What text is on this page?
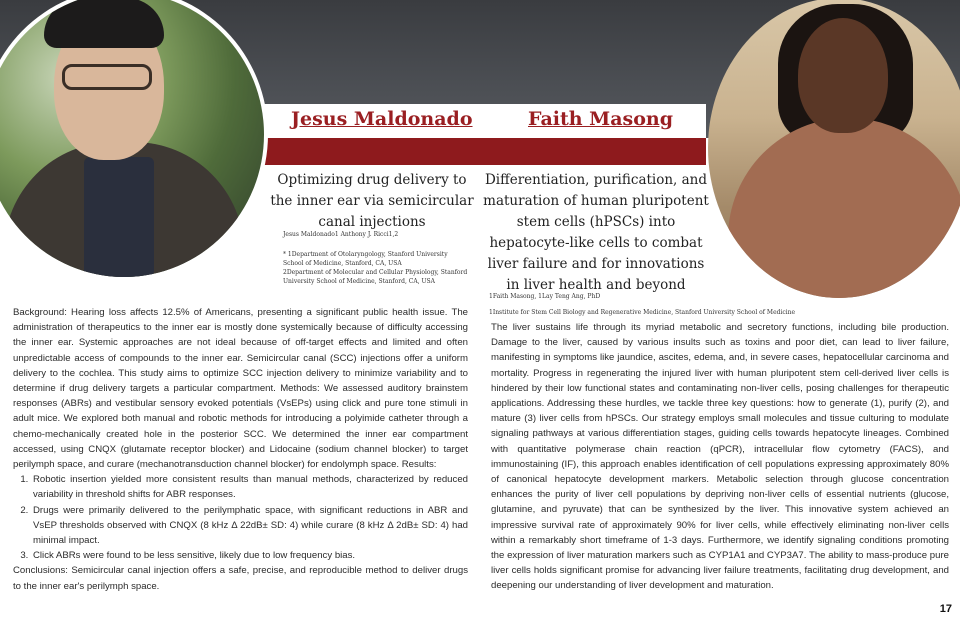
Jesus Maldonado	Faith Masong
Optimizing drug delivery to the inner ear via semicircular canal injections
Jesus Maldonado1 Anthony J. Ricci1,2
* 1Department of Otolaryngology, Stanford University School of Medicine, Stanford, CA, USA
2Department of Molecular and Cellular Physiology, Stanford University School of Medicine, Stanford, CA, USA
Differentiation, purification, and maturation of human pluripotent stem cells (hPSCs) into hepatocyte-like cells to combat liver failure and for innovations in liver health and beyond
1Faith Masong, 1Lay Teng Ang, PhD
1Institute for Stem Cell Biology and Regenerative Medicine, Stanford University School of Medicine

Background: Hearing loss affects 12.5% of Americans, presenting a significant public health issue. The administration of therapeutics to the inner ear is mostly done systemically because of difficulty accessing the inner ear. Systemic approaches are not ideal because of off-target effects and limited and often unpredictable access of compounds to the inner ear. Semicircular canal (SCC) injections offer a uniform delivery to the cochlea. This study aims to optimize SCC injection delivery to minimize variability and to determine if drug delivery targets a particular compartment. Methods: We assessed auditory brainstem responses (ABRs) and vestibular sensory evoked potentials (VsEPs) using click and pure tone stimuli in adult mice. We explored both manual and robotic methods for introducing a polyimide catheter through a chemo-mechanically created hole in the posterior SCC. We determined the inner ear compartment accessed, using CNQX (glutamate receptor blocker) and Lidocaine (sodium channel blocker) to target perilymph space, and curare (mechanotransduction channel blocker) for endolymph space. Results:

1. Robotic insertion yielded more consistent results than manual methods, characterized by reduced variability in threshold shifts for ABR responses.
2. Drugs were primarily delivered to the perilymphatic space, with significant reductions in ABR and VsEP thresholds observed with CNQX (8 kHz Δ 22dB± SD: 4) while curare (8 kHz Δ 2dB± SD: 4) had minimal impact.
3. Click ABRs were found to be less sensitive, likely due to low frequency bias.

Conclusions: Semicircular canal injection offers a safe, precise, and reproducible method to deliver drugs to the inner ear's perilymph space.

The liver sustains life through its myriad metabolic and secretory functions, including bile production. Damage to the liver, caused by various insults such as toxins and poor diet, can lead to liver failure, manifesting in symptoms like jaundice, ascites, edema, and, in severe cases, hepatocellular carcinoma and mortality. Progress in regenerating the injured liver with human pluripotent stem cell-derived liver cells is hindered by their low functional states and contaminating non-liver cells, posing challenges for therapeutic applications. Addressing these hurdles, we tackle three key questions: how to generate (1), purify (2), and mature (3) liver cells from hPSCs. Our strategy employs small molecules and tissue culturing to modulate signaling pathways at various differentiation stages, guiding cells towards hepatocyte lineages. Combined with quantitative polymerase chain reaction (qPCR), intracellular flow cytometry (FACS), and immunostaining (IF), this approach enables identification of cell populations expressing approximately 80% of canonical hepatocyte development markers. Metabolic selection through glucose concentration enhances the purity of liver cell populations by depriving non-liver cells of essential nutrients (glucose, glutamine, and pyruvate) that can be synthesized by the liver. This innovative system achieved an impressive survival rate of approximately 90% for liver cells, while effectively eliminating non-liver cells within a remarkably short timeframe of 1-3 days. Furthermore, we identify signaling conditions promoting the expression of liver maturation markers such as CYP1A1 and CYP3A7. The ability to mass-produce pure liver cells holds significant promise for advancing liver failure treatments, facilitating drug development, and deepening our understanding of liver development and maturation.

17
